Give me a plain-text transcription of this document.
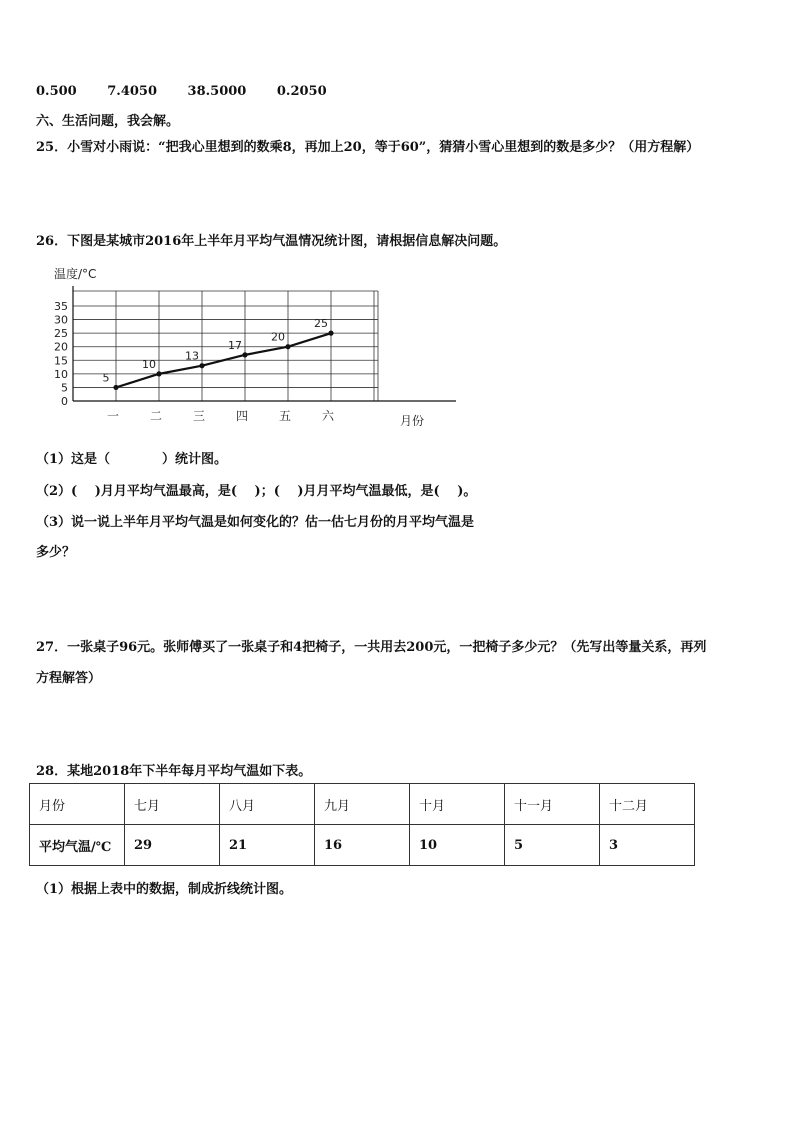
0.500 7.4050 38.5000 0.2050
六、生活问题，我会解。
25．小雪对小雨说：“把我心里想到的数乘8，再加上20，等于60”，猜猜小雪心里想到的数是多少？（用方程解）
26．下图是某城市2016年上半年月平均气温情况统计图，请根据信息解决问题。
温度/°C
0
5
10
15
20
25
30
35
一	二	三	四	五	六
5
10
13
17
20
25
月份
（1）这是（　　　　）统计图。
（2）(　 )月月平均气温最高，是(　 )；(　 )月月平均气温最低，是(　 )。
（3）说一说上半年月平均气温是如何变化的？估一估七月份的月平均气温是
多少？
27．一张桌子96元。张师傅买了一张桌子和4把椅子，一共用去200元，一把椅子多少元？（先写出等量关系，再列
方程解答）
28．某地2018年下半年每月平均气温如下表。
月份	七月	八月	九月	十月	十一月	十二月
平均气温/℃	29	21	16	10	5	3
（1）根据上表中的数据，制成折线统计图。
